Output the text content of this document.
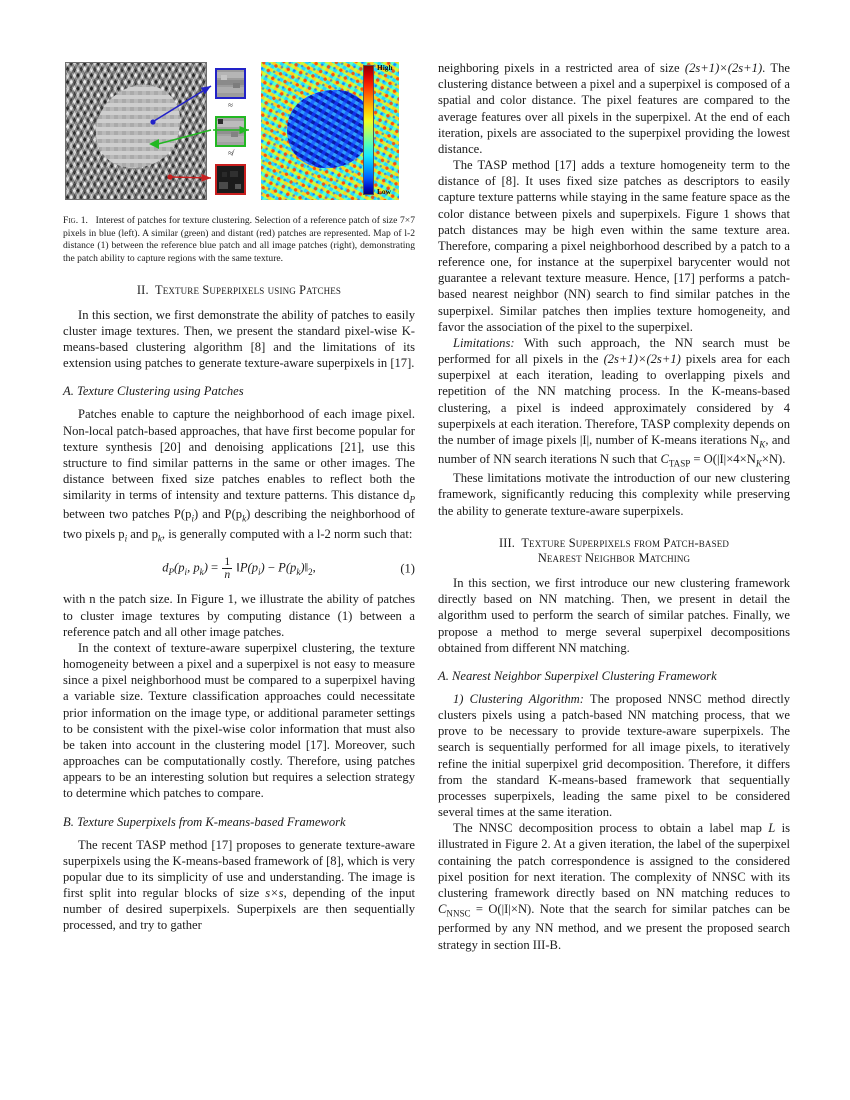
≈
≉
High
Low
Fig. 1. Interest of patches for texture clustering. Selection of a reference patch of size 7×7 pixels in blue (left). A similar (green) and distant (red) patches are represented. Map of l-2 distance (1) between the reference blue patch and all image patches (right), demonstrating the patch ability to capture regions with the same texture.
II. Texture Superpixels using Patches

In this section, we first demonstrate the ability of patches to easily cluster image textures. Then, we present the standard pixel-wise K-means-based clustering algorithm [8] and the limitations of its extension using patches to generate texture-aware superpixels in [17].

A. Texture Clustering using Patches

Patches enable to capture the neighborhood of each image pixel. Non-local patch-based approaches, that have first become popular for texture synthesis [20] and denoising applications [21], use this structure to find similar patterns in the same or other images. The distance between fixed size patches enables to reflect both the similarity in terms of intensity and texture patterns. This distance $d_P$ between two patches $P(p_i)$ and $P(p_k)$ describing the neighborhood of two pixels $p_i$ and $p_k$, is generally computed with a l-2 norm such that:

$d_P(p_i$, $p_k) = \frac{1}{n}$ $‖P(p_i)$ − $P(p_k)‖_2$,	(1)

with n the patch size. In Figure 1, we illustrate the ability of patches to cluster image textures by computing distance (1) between a reference patch and all other image patches.

In the context of texture-aware superpixel clustering, the texture homogeneity between a pixel and a superpixel is not easy to measure since a pixel neighborhood must be compared to a superpixel having a variable size. Texture classification approaches could necessitate prior information on the image type, or additional parameter settings to be consistent with the pixel-wise color information that must also be taken into account in the clustering model [17]. Moreover, such approaches can be computationally costly. Therefore, using patches appears to be an interesting solution but requires a selection strategy to determine which patches to compare.

B. Texture Superpixels from K-means-based Framework

The recent TASP method [17] proposes to generate texture-aware superpixels using the K-means-based framework of [8], which is very popular due to its simplicity of use and understanding. The image is first split into regular blocks of size s×s, depending of the input number of desired superpixels. Superpixels are then sequentially processed, and try to gather

neighboring pixels in a restricted area of size (2s+1)×(2s+1). The clustering distance between a pixel and a superpixel is composed of a spatial and color distance. The pixel features are compared to the average features over all pixels in the superpixel. At the end of each iteration, pixels are associated to the superpixel providing the lowest distance.

The TASP method [17] adds a texture homogeneity term to the distance of [8]. It uses fixed size patches as descriptors to easily capture texture patterns while staying in the same feature space as the color distance between pixels and superpixels. Figure 1 shows that patch distances may be high even within the same texture area. Therefore, comparing a pixel neighborhood described by a patch to a reference one, for instance at the superpixel barycenter would not guarantee a relevant texture measure. Hence, [17] performs a patch-based nearest neighbor (NN) search to find similar patches in the superpixel. Similar patches then implies texture homogeneity, and favor the association of the pixel to the superpixel.

Limitations: With such approach, the NN search must be performed for all pixels in the (2s+1)×(2s+1) pixels area for each superpixel at each iteration, leading to overlapping pixels and repetition of the NN matching process. In the K-means-based clustering, a pixel is indeed approximately considered by 4 superpixels at each iteration. Therefore, TASP complexity depends on the number of image pixels |I|, number of K-means iterations $N_K$, and number of NN search iterations N such that $C_{TASP} = O(|I|\times 4\times N_K\times N)$.

These limitations motivate the introduction of our new clustering framework, significantly reducing this complexity while preserving the ability to generate texture-aware superpixels.

III. Texture Superpixels from Patch-based
Nearest Neighbor Matching

In this section, we first introduce our new clustering framework directly based on NN matching. Then, we present in detail the algorithm used to perform the search of similar patches. Finally, we propose a method to merge several superpixel decompositions obtained from different NN matching.

A. Nearest Neighbor Superpixel Clustering Framework

1) Clustering Algorithm: The proposed NNSC method directly clusters pixels using a patch-based NN matching process, that we prove to be necessary to provide texture-aware superpixels. The search is sequentially performed for all image pixels, to iteratively refine the initial superpixel grid decomposition. Therefore, it differs from the standard K-means-based framework that sequentially processes superpixels, leading the same pixel to be considered several times at the same iteration.

The NNSC decomposition process to obtain a label map L is illustrated in Figure 2. At a given iteration, the label of the superpixel containing the patch correspondence is assigned to the considered pixel position for next iteration. The complexity of NNSC with its clustering framework directly based on NN matching reduces to $C_{NNSC} = O(|I|\times N)$. Note that the search for similar patches can be performed by any NN method, and we present the proposed search strategy in section III-B.
